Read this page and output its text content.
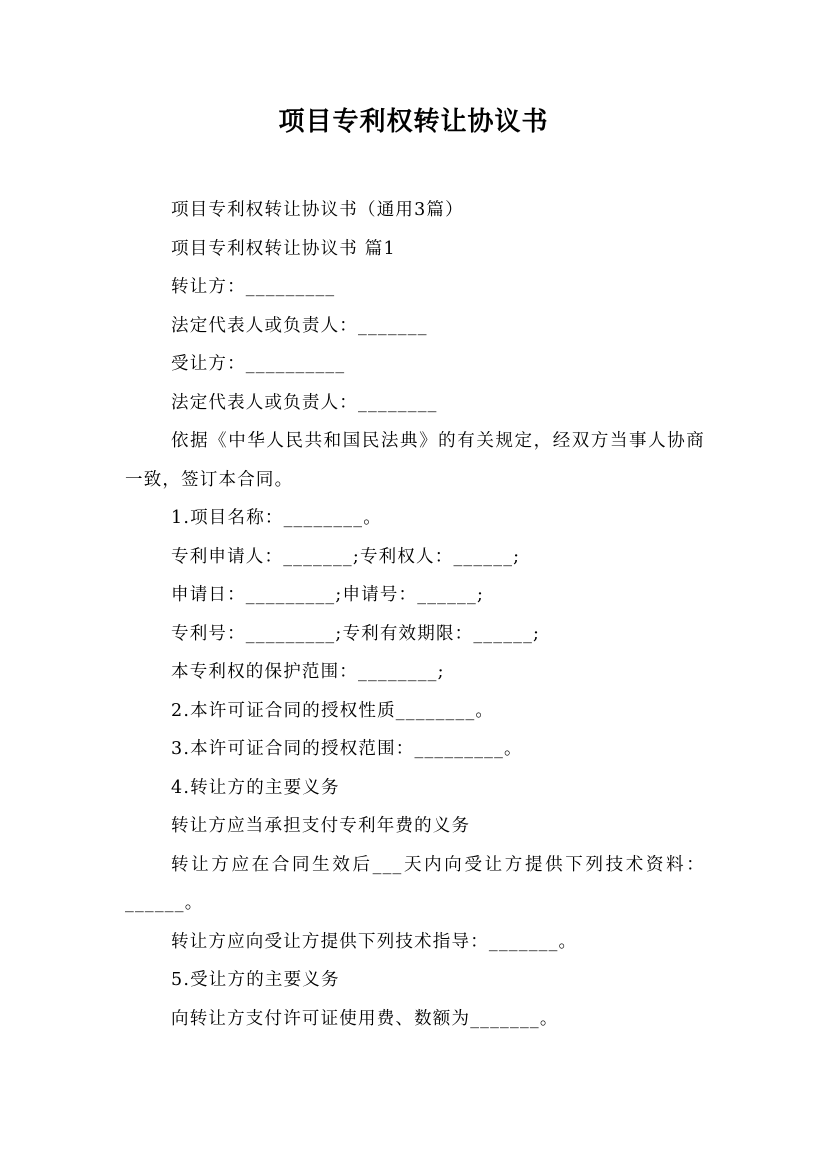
项目专利权转让协议书

项目专利权转让协议书（通用3篇）

项目专利权转让协议书 篇1

转让方：_________

法定代表人或负责人：_______

受让方：__________

法定代表人或负责人：________

依据《中华人民共和国民法典》的有关规定，经双方当事人协商一致，签订本合同。

1.项目名称：________。

专利申请人：_______;专利权人：______;

申请日：_________;申请号：______;

专利号：_________;专利有效期限：______;

本专利权的保护范围：________;

2.本许可证合同的授权性质________。

3.本许可证合同的授权范围：_________。

4.转让方的主要义务

转让方应当承担支付专利年费的义务

转让方应在合同生效后___天内向受让方提供下列技术资料：______。

转让方应向受让方提供下列技术指导：_______。

5.受让方的主要义务

向转让方支付许可证使用费、数额为_______。
